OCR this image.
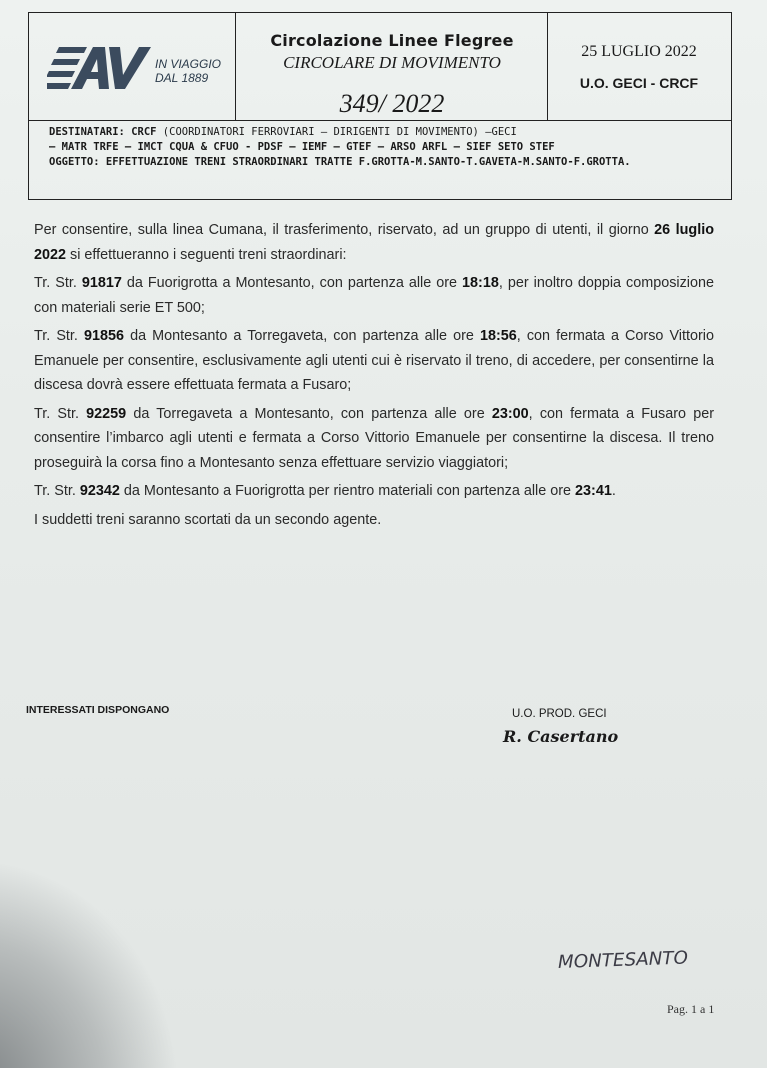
IN VIAGGIO
DAL 1889
Circolazione Linee Flegree
CIRCOLARE DI MOVIMENTO
349/ 2022
25 LUGLIO 2022
U.O. GECI - CRCF
DESTINATARI: CRCF (COORDINATORI FERROVIARI – DIRIGENTI DI MOVIMENTO) –GECI
– MATR TRFE – IMCT CQUA & CFUO - PDSF – IEMF – GTEF – ARSO ARFL – SIEF SETO STEF
OGGETTO: EFFETTUAZIONE TRENI STRAORDINARI TRATTE F.GROTTA-M.SANTO-T.GAVETA-M.SANTO-F.GROTTA.

Per consentire, sulla linea Cumana, il trasferimento, riservato, ad un gruppo di utenti, il giorno 26 luglio 2022 si effettueranno i seguenti treni straordinari:

Tr. Str. 91817 da Fuorigrotta a Montesanto, con partenza alle ore 18:18, per inoltro doppia composizione con materiali serie ET 500;

Tr. Str. 91856 da Montesanto a Torregaveta, con partenza alle ore 18:56, con fermata a Corso Vittorio Emanuele per consentire, esclusivamente agli utenti cui è riservato il treno, di accedere, per consentirne la discesa dovrà essere effettuata fermata a Fusaro;

Tr. Str. 92259 da Torregaveta a Montesanto, con partenza alle ore 23:00, con fermata a Fusaro per consentire l’imbarco agli utenti e fermata a Corso Vittorio Emanuele per consentirne la discesa. Il treno proseguirà la corsa fino a Montesanto senza effettuare servizio viaggiatori;

Tr. Str. 92342 da Montesanto a Fuorigrotta per rientro materiali con partenza alle ore 23:41.

I suddetti treni saranno scortati da un secondo agente.

INTERESSATI DISPONGANO	U.O. PROD. GECI
R. Casertano
MONTESANTO
Pag. 1 a 1
